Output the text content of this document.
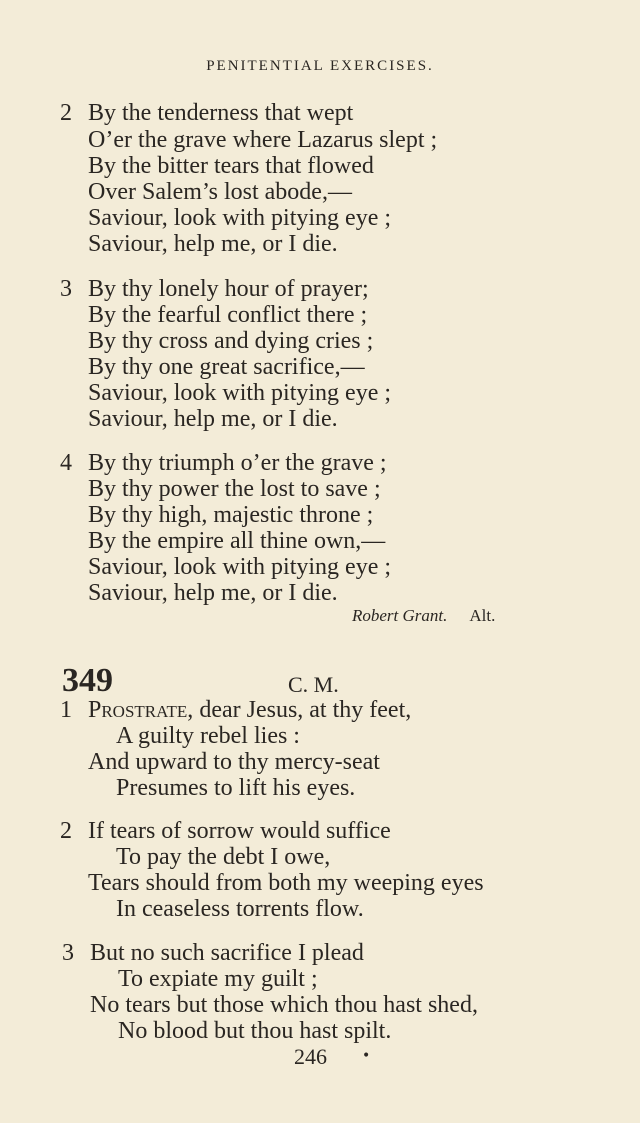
PENITENTIAL EXERCISES.
2 By the tenderness that wept
O’er the grave where Lazarus slept ;
By the bitter tears that flowed
Over Salem’s lost abode,—
Saviour, look with pitying eye ;
Saviour, help me, or I die.
3 By thy lonely hour of prayer;
By the fearful conflict there ;
By thy cross and dying cries ;
By thy one great sacrifice,—
Saviour, look with pitying eye ;
Saviour, help me, or I die.
4 By thy triumph o’er the grave ;
By thy power the lost to save ;
By thy high, majestic throne ;
By the empire all thine own,—
Saviour, look with pitying eye ;
Saviour, help me, or I die.
Robert Grant. Alt.
349	C. M.
1 Prostrate, dear Jesus, at thy feet,
A guilty rebel lies :
And upward to thy mercy-seat
Presumes to lift his eyes.
2 If tears of sorrow would suffice
To pay the debt I owe,
Tears should from both my weeping eyes
In ceaseless torrents flow.
3 But no such sacrifice I plead
To expiate my guilt ;
No tears but those which thou hast shed,
No blood but thou hast spilt.
246	•
